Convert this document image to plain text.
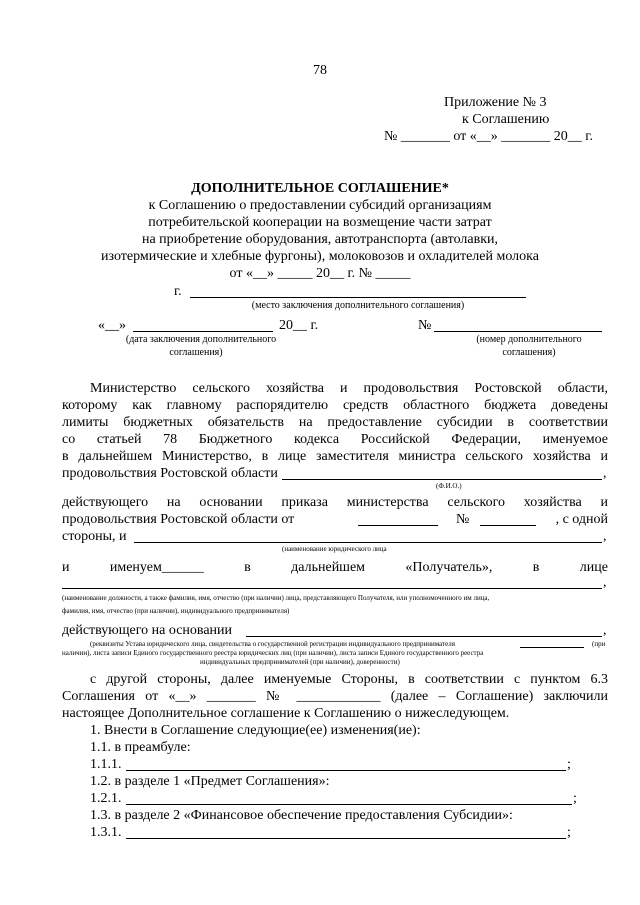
78
Приложение № 3
к Соглашению
№ _______ от «__» _______ 20__ г.
ДОПОЛНИТЕЛЬНОЕ СОГЛАШЕНИЕ*
к Соглашению о предоставлении субсидий организациям
потребительской кооперации на возмещение части затрат
на приобретение оборудования, автотранспорта (автолавки,
изотермические и хлебные фургоны), молоковозов и охладителей молока
от «__» _____ 20__ г. № _____
г.
(место заключения дополнительного соглашения)
«__»	20__ г.	№
(дата заключения дополнительного
соглашения)
(номер дополнительного
соглашения)
Министерство сельского хозяйства и продовольствия Ростовской области,
которому как главному распорядителю средств областного бюджета доведены
лимиты бюджетных обязательств на предоставление субсидии в соответствии
со статьей 78 Бюджетного кодекса Российской Федерации, именуемое
в дальнейшем Министерство, в лице заместителя министра сельского хозяйства и
продовольствия Ростовской области	,
(Ф.И.О.)
действующего на основании приказа министерства сельского хозяйства и
продовольствия Ростовской области от	№	, с одной
стороны, и	,
(наименование юридического лица
и	именуем______	в	дальнейшем	«Получатель»,	в	лице
,
(наименование должности, а также фамилия, имя, отчество (при наличии) лица, представляющего Получателя, или уполномоченного им лица,
фамилия, имя, отчество (при наличии), индивидуального предпринимателя)
действующего на основании	,
(реквизиты Устава юридического лица, свидетельства о государственной регистрации индивидуального предпринимателя	(при
наличии), листа записи Единого государственного реестра юридических лиц (при наличии), листа записи Единого государственного реестра
индивидуальных предпринимателей (при наличии), доверенности)
с другой стороны, далее именуемые Стороны, в соответствии с пунктом 6.3
Соглашения от «__» _______ № ____________ (далее – Соглашение) заключили
настоящее Дополнительное соглашение к Соглашению о нижеследующем.
1. Внести в Соглашение следующие(ее) изменения(ие):
1.1. в преамбуле:
1.1.1.	;
1.2. в разделе 1 «Предмет Соглашения»:
1.2.1.	;
1.3. в разделе 2 «Финансовое обеспечение предоставления Субсидии»:
1.3.1.	;
